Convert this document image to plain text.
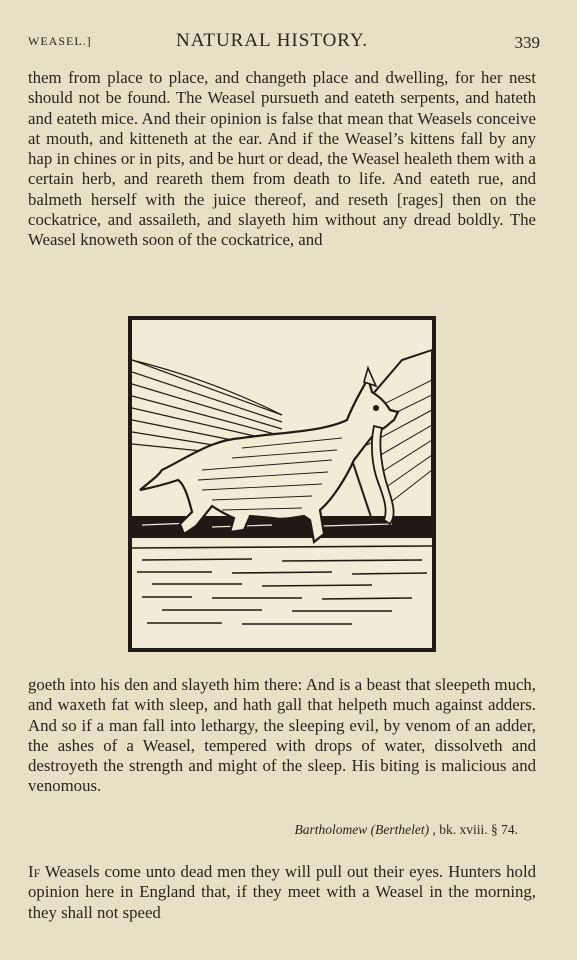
WEASEL.]	NATURAL HISTORY.	339
them from place to place, and changeth place and dwelling, for her nest should not be found. The Weasel pursueth and eateth serpents, and hateth and eateth mice. And their opinion is false that mean that Weasels conceive at mouth, and kitteneth at the ear. And if the Weasel’s kittens fall by any hap in chines or in pits, and be hurt or dead, the Weasel healeth them with a certain herb, and reareth them from death to life. And eateth rue, and balmeth herself with the juice thereof, and reseth [rages] then on the cockatrice, and assaileth, and slayeth him without any dread boldly. The Weasel knoweth soon of the cockatrice, and
goeth into his den and slayeth him there: And is a beast that sleepeth much, and waxeth fat with sleep, and hath gall that helpeth much against adders. And so if a man fall into lethargy, the sleeping evil, by venom of an adder, the ashes of a Weasel, tempered with drops of water, dissolveth and destroyeth the strength and might of the sleep. His biting is malicious and venomous.
Bartholomew (Berthelet) , bk. xviii. § 74.
If Weasels come unto dead men they will pull out their eyes. Hunters hold opinion here in England that, if they meet with a Weasel in the morning, they shall not speed
